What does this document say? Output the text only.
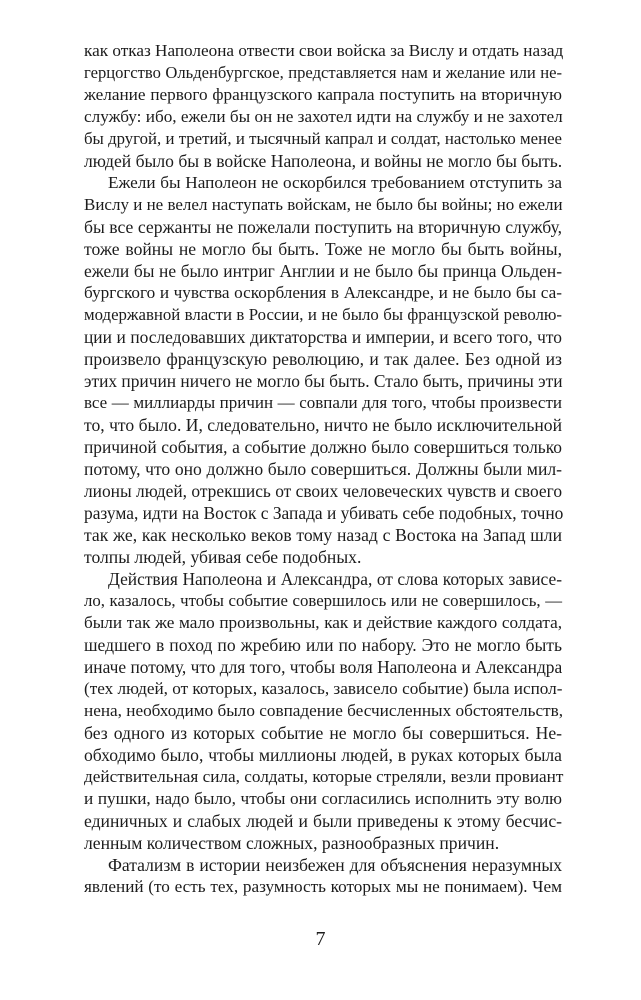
как отказ Наполеона отвести свои войска за Вислу и отдать назад
герцогство Ольденбургское, представляется нам и желание или не-
желание первого французского капрала поступить на вторичную
службу: ибо, ежели бы он не захотел идти на службу и не захотел
бы другой, и третий, и тысячный капрал и солдат, настолько менее
людей было бы в войске Наполеона, и войны не могло бы быть.
Ежели бы Наполеон не оскорбился требованием отступить за
Вислу и не велел наступать войскам, не было бы войны; но ежели
бы все сержанты не пожелали поступить на вторичную службу,
тоже войны не могло бы быть. Тоже не могло бы быть войны,
ежели бы не было интриг Англии и не было бы принца Ольден-
бургского и чувства оскорбления в Александре, и не было бы са-
модержавной власти в России, и не было бы французской револю-
ции и последовавших диктаторства и империи, и всего того, что
произвело французскую революцию, и так далее. Без одной из
этих причин ничего не могло бы быть. Стало быть, причины эти
все — миллиарды причин — совпали для того, чтобы произвести
то, что было. И, следовательно, ничто не было исключительной
причиной события, а событие должно было совершиться только
потому, что оно должно было совершиться. Должны были мил-
лионы людей, отрекшись от своих человеческих чувств и своего
разума, идти на Восток с Запада и убивать себе подобных, точно
так же, как несколько веков тому назад с Востока на Запад шли
толпы людей, убивая себе подобных.
Действия Наполеона и Александра, от слова которых зависе-
ло, казалось, чтобы событие совершилось или не совершилось, —
были так же мало произвольны, как и действие каждого солдата,
шедшего в поход по жребию или по набору. Это не могло быть
иначе потому, что для того, чтобы воля Наполеона и Александра
(тех людей, от которых, казалось, зависело событие) была испол-
нена, необходимо было совпадение бесчисленных обстоятельств,
без одного из которых событие не могло бы совершиться. Не-
обходимо было, чтобы миллионы людей, в руках которых была
действительная сила, солдаты, которые стреляли, везли провиант
и пушки, надо было, чтобы они согласились исполнить эту волю
единичных и слабых людей и были приведены к этому бесчис-
ленным количеством сложных, разнообразных причин.
Фатализм в истории неизбежен для объяснения неразумных
явлений (то есть тех, разумность которых мы не понимаем). Чем
7
